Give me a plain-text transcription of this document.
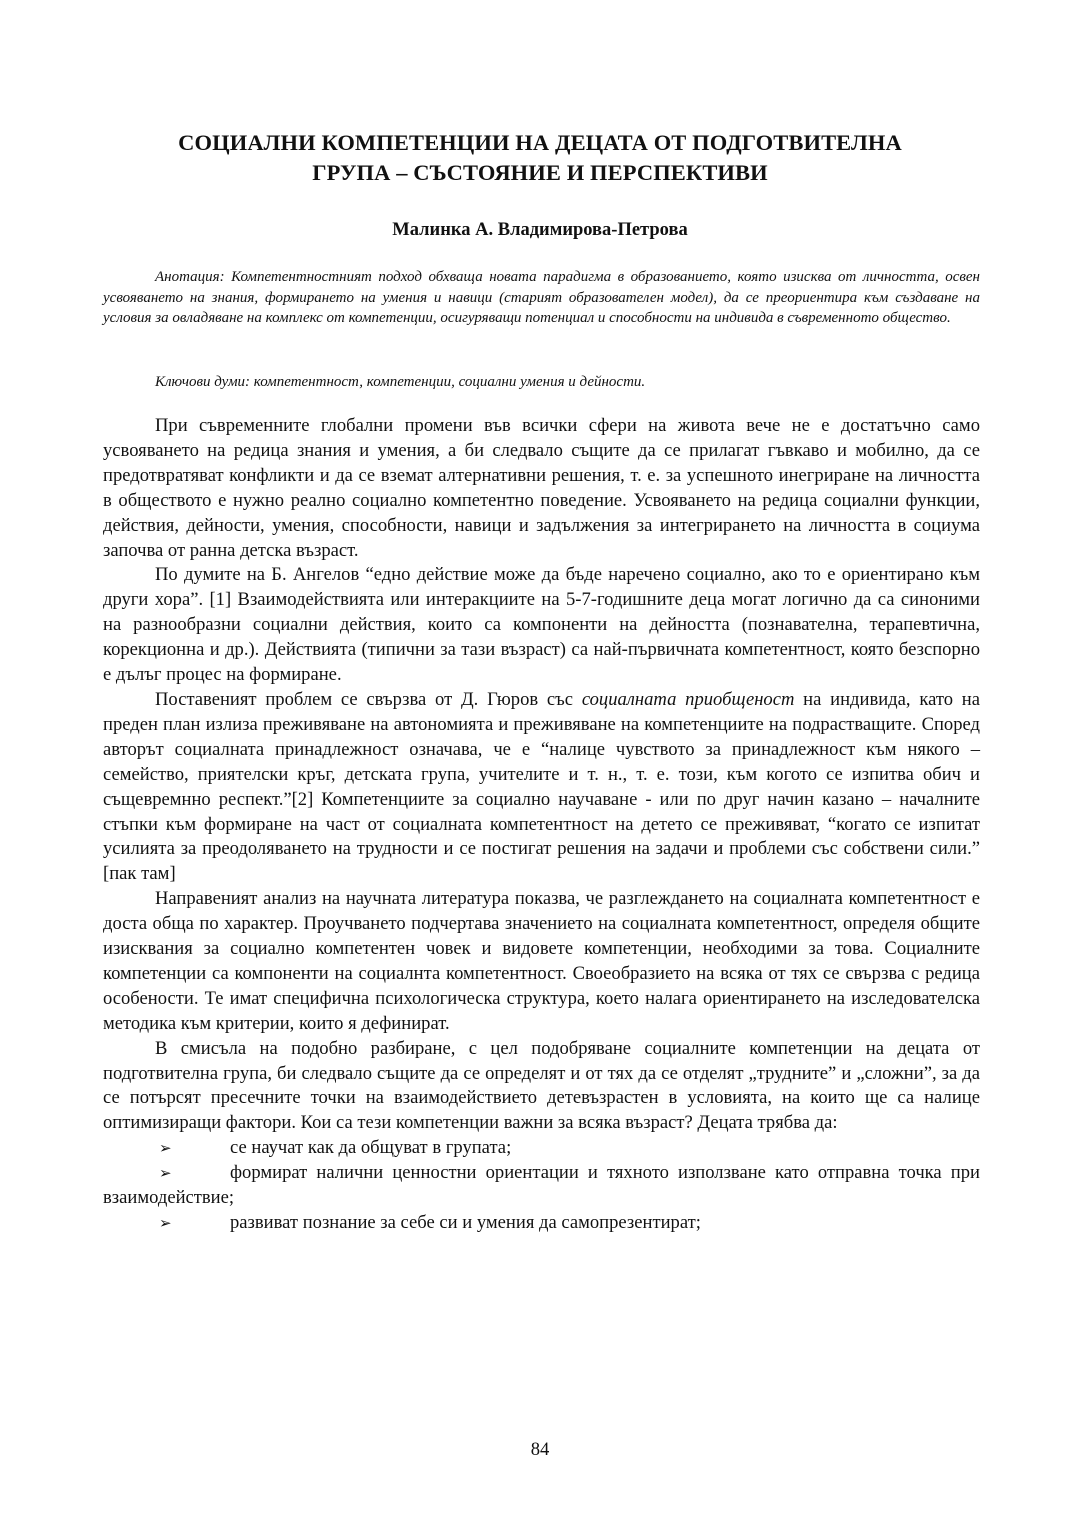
СОЦИАЛНИ КОМПЕТЕНЦИИ НА ДЕЦАТА ОТ ПОДГОТВИТЕЛНА
ГРУПА – СЪСТОЯНИЕ И ПЕРСПЕКТИВИ

Малинка А. Владимирова-Петрова

Анотация: Компетентностният подход обхваща новата парадигма в образованието, която изисква от личността, освен усвояването на знания, формирането на умения и навици (старият образователен модел), да се преориентира към създаване на условия за овладяване на комплекс от компетенции, осигуряващи потенциал и способности на индивида в съвременното общество.

Ключови думи: компетентност, компетенции, социални умения и дейности.

При съвременните глобални промени във всички сфери на живота вече не е достатъчно само усвояването на редица знания и умения, а би следвало същите да се прилагат гъвкаво и мобилно, да се предотвратяват конфликти и да се вземат алтернативни решения, т. е. за успешното инегриране на личността в обществото е нужно реално социално компетентно поведение. Усвояването на редица социални функции, действия, дейности, умения, способности, навици и задължения за интегрирането на личността в социума започва от ранна детска възраст.

По думите на Б. Ангелов “едно действие може да бъде наречено социално, ако то е ориентирано към други хора”. [1] Взаимодействията или интеракциите на 5-7-годишните деца могат логично да са синоними на разнообразни социални действия, които са компоненти на дейността (познавателна, терапевтична, корекционна и др.). Действията (типични за тази възраст) са най-първичната компетентност, която безспорно е дълъг процес на формиране.

Поставеният проблем се свързва от Д. Гюров със социалната приобщеност на индивида, като на преден план излиза преживяване на автономията и преживяване на компетенциите на подрастващите. Според авторът социалната принадлежност означава, че е “налице чувството за принадлежност към някого – семейство, приятелски кръг, детската група, учителите и т. н., т. е. този, към когото се изпитва обич и същевремнно респект.”[2] Компетенциите за социално научаване - или по друг начин казано – началните стъпки към формиране на част от социалната компетентност на детето се преживяват, “когато се изпитат усилията за преодоляването на трудности и се постигат решения на задачи и проблеми със собствени сили.” [пак там]

Направеният анализ на научната литература показва, че разглеждането на социалната компетентност е доста обща по характер. Проучването подчертава значението на социалната компетентност, определя общите изисквания за социално компетентен човек и видовете компетенции, необходими за това. Социалните компетенции са компоненти на социалнта компетентност. Своеобразието на всяка от тях се свързва с редица особености. Те имат специфична психологическа структура, което налага ориентирането на изследователска методика към критерии, които я дефинират.

В смисъла на подобно разбиране, с цел подобряване социалните компетенции на децата от подготвителна група, би следвало същите да се определят и от тях да се отделят „трудните” и „сложни”, за да се потърсят пресечните точки на взаимодействието детевъзрастен в условията, на които ще са налице оптимизиращи фактори. Кои са тези компетенции важни за всяка възраст? Децата трябва да:

➢	се научат как да общуват в групата;
➢	формират налични ценностни ориентации и тяхното използване като отправна точка при взаимодействие;
➢	развиват познание за себе си и умения да самопрезентират;
84
